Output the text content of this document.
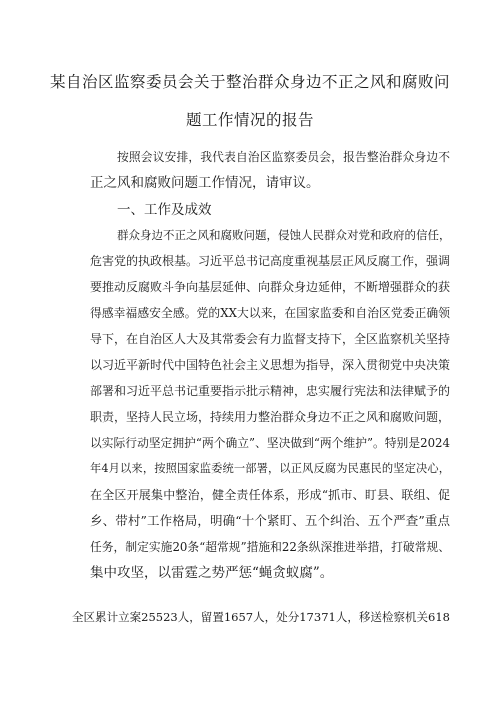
某自治区监察委员会关于整治群众身边不正之风和腐败问
题工作情况的报告
按照会议安排，我代表自治区监察委员会，报告整治群众身边不
正之风和腐败问题工作情况，请审议。
一、工作及成效
群众身边不正之风和腐败问题，侵蚀人民群众对党和政府的信任，
危害党的执政根基。习近平总书记高度重视基层正风反腐工作，强调
要推动反腐败斗争向基层延伸、向群众身边延伸，不断增强群众的获
得感幸福感安全感。党的XX大以来，在国家监委和自治区党委正确领
导下，在自治区人大及其常委会有力监督支持下，全区监察机关坚持
以习近平新时代中国特色社会主义思想为指导，深入贯彻党中央决策
部署和习近平总书记重要指示批示精神，忠实履行宪法和法律赋予的
职责，坚持人民立场，持续用力整治群众身边不正之风和腐败问题，
以实际行动坚定拥护“两个确立”、坚决做到“两个维护”。特别是2024
年4月以来，按照国家监委统一部署，以正风反腐为民惠民的坚定决心，
在全区开展集中整治，健全责任体系，形成“抓市、盯县、联组、促
乡、带村”工作格局，明确“十个紧盯、五个纠治、五个严查”重点
任务，制定实施20条“超常规”措施和22条纵深推进举措，打破常规、
集中攻坚，以雷霆之势严惩“蝇贪蚁腐”。
全区累计立案25523人，留置1657人，处分17371人，移送检察机关618
